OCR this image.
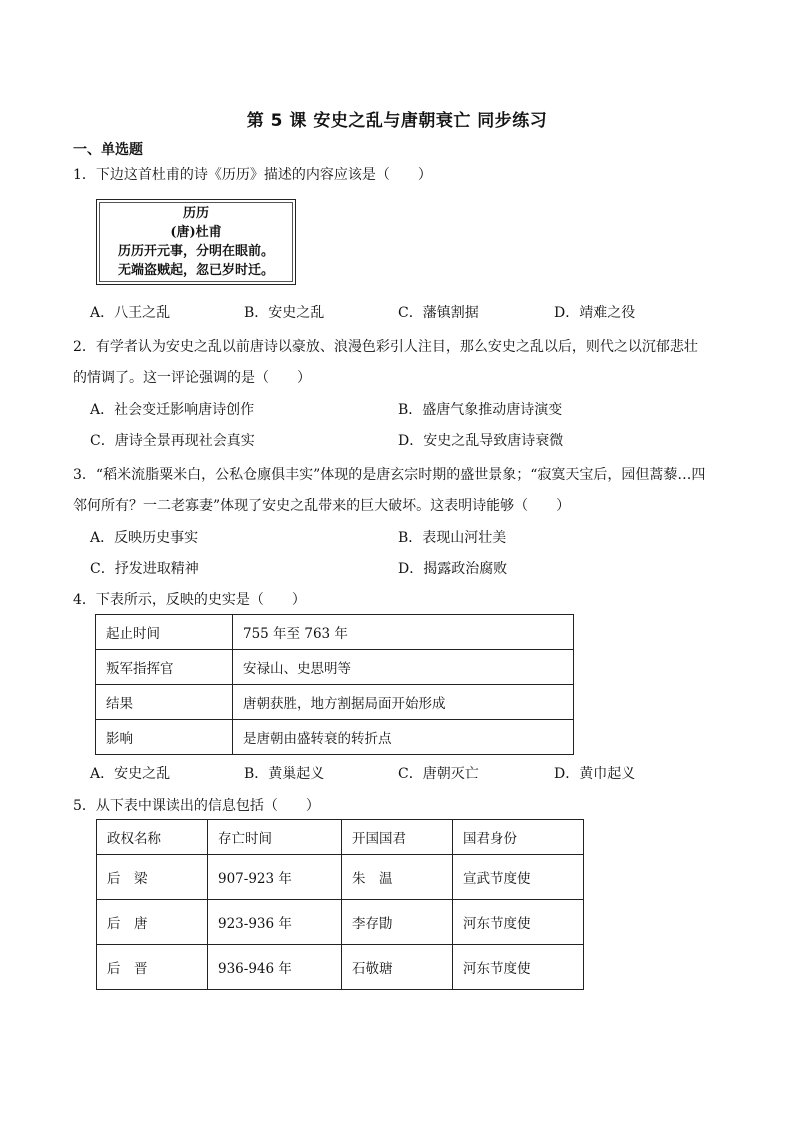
第 5 课 安史之乱与唐朝衰亡 同步练习
一、单选题
1．下边这首杜甫的诗《历历》描述的内容应该是（　　）
历历
(唐)杜甫
历历开元事，分明在眼前。
无端盗贼起，忽已岁时迁。
A．八王之乱	B．安史之乱	C．藩镇割据	D．靖难之役
2．有学者认为安史之乱以前唐诗以豪放、浪漫色彩引人注目，那么安史之乱以后，则代之以沉郁悲壮
的情调了。这一评论强调的是（　　）
A．社会变迁影响唐诗创作	B．盛唐气象推动唐诗演变
C．唐诗全景再现社会真实	D．安史之乱导致唐诗衰微
3．“稻米流脂粟米白，公私仓廪俱丰实”体现的是唐玄宗时期的盛世景象；“寂寞天宝后，园但蒿藜…四
邻何所有？一二老寡妻”体现了安史之乱带来的巨大破坏。这表明诗能够（　　）
A．反映历史事实	B．表现山河壮美
C．抒发进取精神	D．揭露政治腐败
4．下表所示，反映的史实是（　　）
起止时间	755 年至 763 年
叛军指挥官	安禄山、史思明等
结果	唐朝获胜，地方割据局面开始形成
影响	是唐朝由盛转衰的转折点
A．安史之乱	B．黄巢起义	C．唐朝灭亡	D．黄巾起义
5．从下表中课读出的信息包括（　　）
政权名称	存亡时间	开国国君	国君身份
后　梁	907-923 年	朱　温	宣武节度使
后　唐	923-936 年	李存勖	河东节度使
后　晋	936-946 年	石敬瑭	河东节度使
